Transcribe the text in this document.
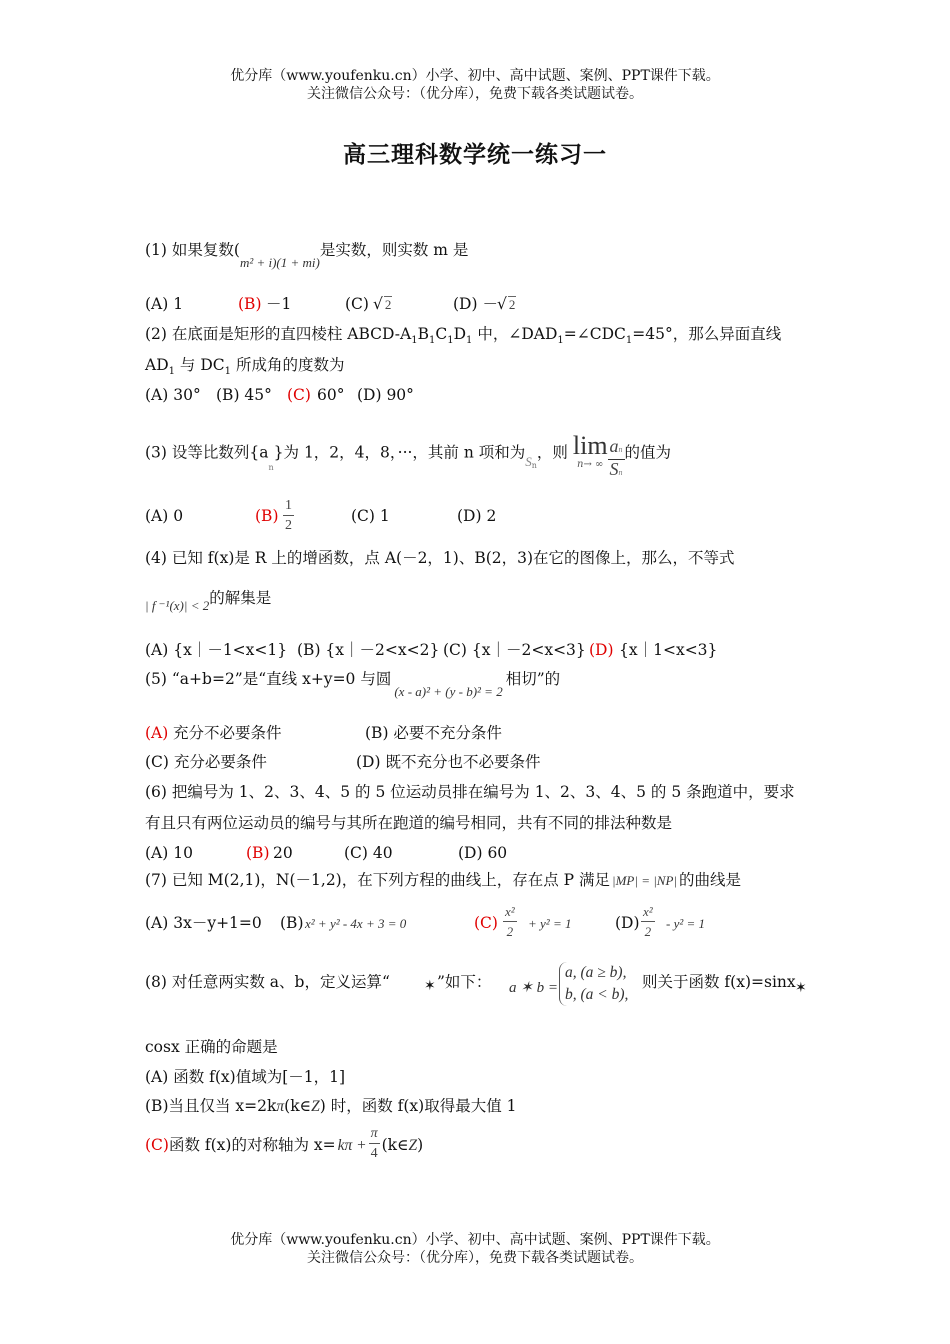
优分库（www.youfenku.cn）小学、初中、高中试题、案例、PPT课件下载。
关注微信公众号：（优分库），免费下载各类试题试卷。
高三理科数学统一练习一
(1) 如果复数($_{m^2 + i)(1 + mi)}$是实数，则实数 m 是
(A) 1	(B) －1	(C) √ 2	(D) － √ 2
(2) 在底面是矩形的直四棱柱 ABCD-$A_1B_1C_1D_1$ 中，$\angle DAD_1=\angle CDC_1=45^\circ$，那么异面直线
$AD_1$ 与 $DC_1$ 所成角的度数为
(A) 30° (B) 45° (C) 60° (D) 90°
(3) 设等比数列$\{a_n\}$为 1，2，4，8，···，其前 n 项和为$_{Sn}$，则 lim
n→ ∞ $\frac{an}{Sn}$ 的值为
(A) 0	$(B) \frac{1}{2}$	(C) 1	(D) 2
(4) 已知 f(x)是 R 上的增函数，点 A(－2，1)、B(2，3)在它的图像上，那么，不等式
$_{| f ^{-1}(x)| < 2}$的解集是
(A) {x｜－1<x<1} (B) {x｜－2<x<2} (C) {x｜－2<x<3} (D) {x｜1<x<3}
(5) “a+b=2”是“直线 x+y=0 与圆$_{(x - a)^2 + (y - b)^2 = 2}$相切”的
(A) 充分不必要条件	(B) 必要不充分条件
(C) 充分必要条件	(D) 既不充分也不必要条件
(6) 把编号为 1、2、3、4、5 的 5 位运动员排在编号为 1、2、3、4、5 的 5 条跑道中，要求
有且只有两位运动员的编号与其所在跑道的编号相同，共有不同的排法种数是
(A) 10	(B) 20	(C) 40	(D) 60
(7) 已知 M(2,1)，N(－1,2)，在下列方程的曲线上，存在点 P 满足 |MP| = |NP| 的曲线是
(A) 3x－y+1=0 (B) x² + y² - 4x + 3 = 0	$(C) \frac{\text{x²}}{2} + y^2 = 1$	$(D) \frac{\text{x²}}{2} - y^2 = 1$
(8) 对任意两实数 a、b，定义运算“ ✶ ”如下： a ✶ b =
a, (a ≥ b),
b, (a < b),
则关于函数 f(x)=sinx ✶
cosx 正确的命题是
(A) 函数 f(x)值域为[－1，1]
(B)当且仅当 x=2kπ(k∈Z) 时，函数 f(x)取得最大值 1
(C)函数 f(x)的对称轴为 $x= k\pi + \frac{\pi}{4}$ (k∈Z)
优分库（www.youfenku.cn）小学、初中、高中试题、案例、PPT课件下载。
关注微信公众号：（优分库），免费下载各类试题试卷。
